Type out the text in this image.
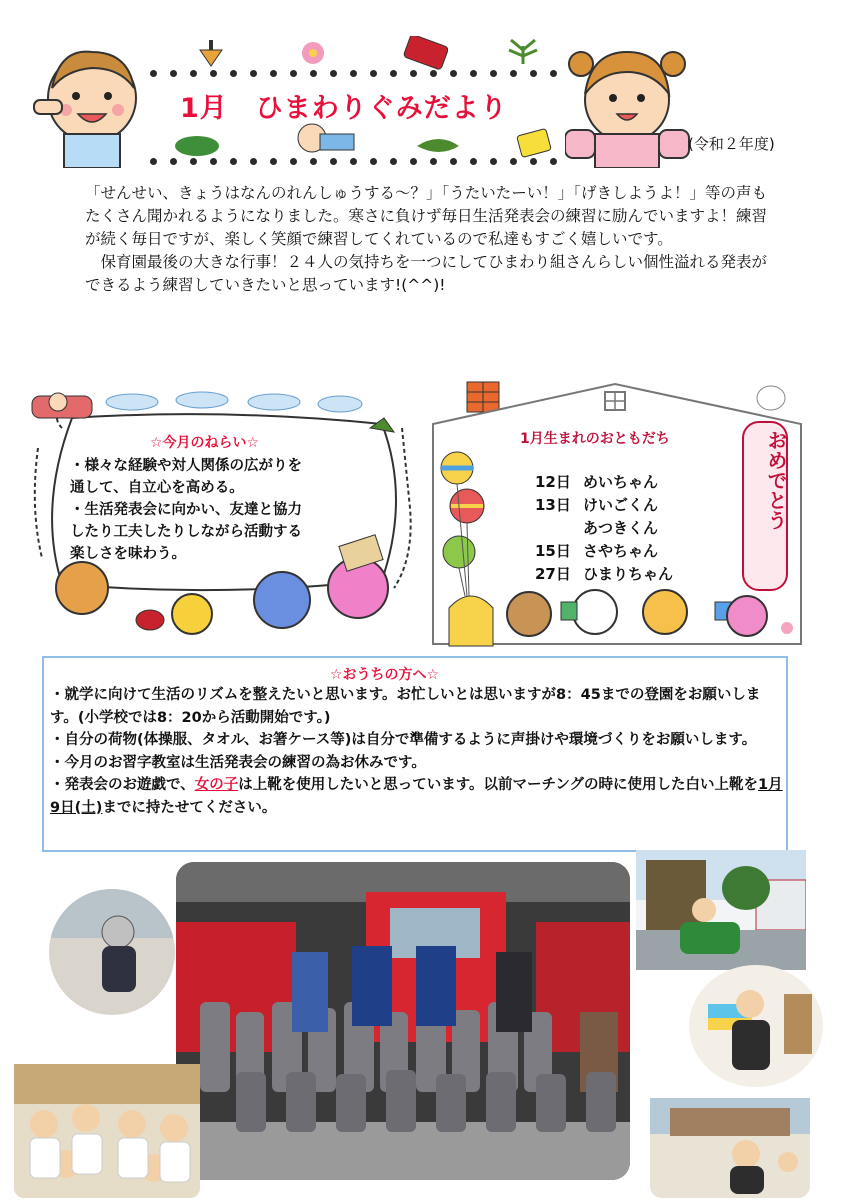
1月　ひまわりぐみだより
(令和２年度)

「せんせい、きょうはなんのれんしゅうする～？」「うたいたーい！」「げきしようよ！」等の声もたくさん聞かれるようになりました。寒さに負けず毎日生活発表会の練習に励んでいますよ！練習が続く毎日ですが、楽しく笑顔で練習してくれているので私達もすごく嬉しいです。

保育園最後の大きな行事！２４人の気持ちを一つにしてひまわり組さんらしい個性溢れる発表ができるよう練習していきたいと思っています!(^^)!

☆今月のねらい☆
・様々な経験や対人関係の広がりを
通して、自立心を高める。
・生活発表会に向かい、友達と協力
したり工夫したりしながら活動する
楽しさを味わう。
1月生まれのおともだち	おめでとう
12日 めいちゃん
13日 けいごくん
あつきくん
15日 さやちゃん
27日 ひまりちゃん
☆おうちの方へ☆
・就学に向けて生活のリズムを整えたいと思います。お忙しいとは思いますが8：45までの登園をお願いします。(小学校では8：20から活動開始です。)
・自分の荷物(体操服、タオル、お箸ケース等)は自分で準備するように声掛けや環境づくりをお願いします。
・今月のお習字教室は生活発表会の練習の為お休みです。
・発表会のお遊戯で、女の子は上靴を使用したいと思っています。以前マーチングの時に使用した白い上靴を1月9日(土)までに持たせてください。
